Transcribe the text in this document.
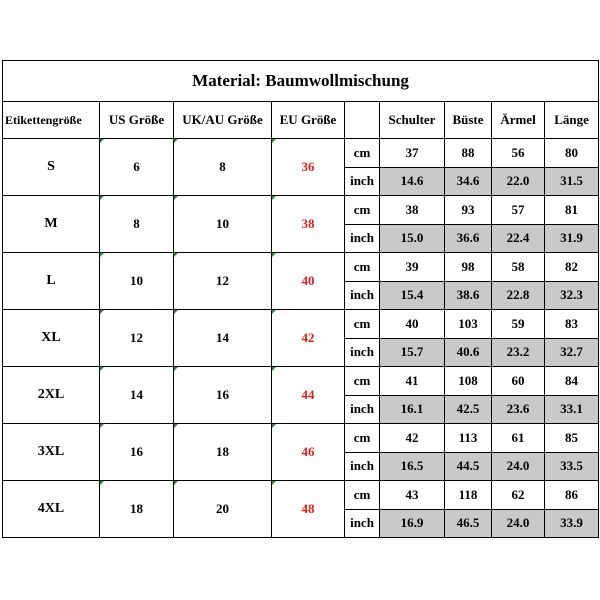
Material: Baumwollmischung								
Etikettengröße	US Größe	UK/AU Größe	EU Größe		Schulter	Büste	Ärmel	Länge
S	6	8	36	cm	37	88	56	80
				inch	14.6	34.6	22.0	31.5
M	8	10	38	cm	38	93	57	81
				inch	15.0	36.6	22.4	31.9
L	10	12	40	cm	39	98	58	82
				inch	15.4	38.6	22.8	32.3
XL	12	14	42	cm	40	103	59	83
				inch	15.7	40.6	23.2	32.7
2XL	14	16	44	cm	41	108	60	84
				inch	16.1	42.5	23.6	33.1
3XL	16	18	46	cm	42	113	61	85
				inch	16.5	44.5	24.0	33.5
4XL	18	20	48	cm	43	118	62	86
				inch	16.9	46.5	24.0	33.9
